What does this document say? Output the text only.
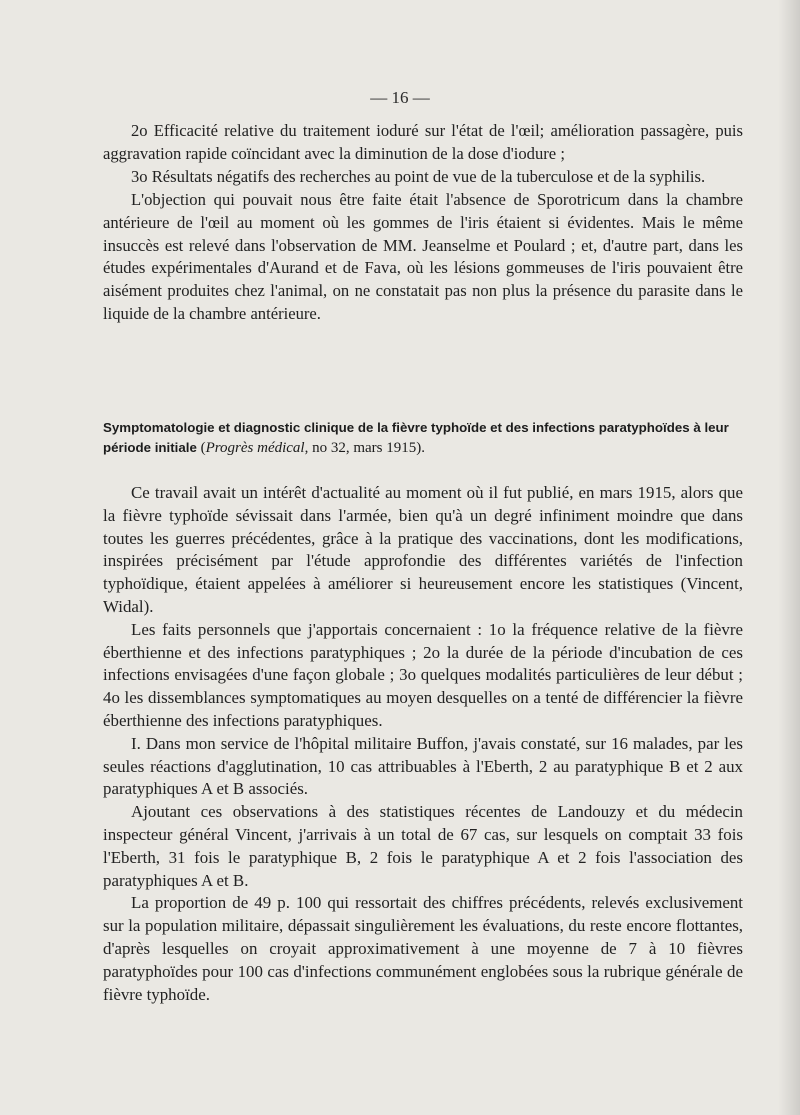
— 16 —

2o Efficacité relative du traitement ioduré sur l'état de l'œil; amélioration passagère, puis aggravation rapide coïncidant avec la diminution de la dose d'iodure ;

3o Résultats négatifs des recherches au point de vue de la tuberculose et de la syphilis.

L'objection qui pouvait nous être faite était l'absence de Sporotricum dans la chambre antérieure de l'œil au moment où les gommes de l'iris étaient si évidentes. Mais le même insuccès est relevé dans l'observation de MM. Jeanselme et Poulard ; et, d'autre part, dans les études expérimentales d'Aurand et de Fava, où les lésions gommeuses de l'iris pouvaient être aisément produites chez l'animal, on ne constatait pas non plus la présence du parasite dans le liquide de la chambre antérieure.

Symptomatologie et diagnostic clinique de la fièvre typhoïde et des infections paratyphoïdes à leur période initiale (Progrès médical, no 32, mars 1915).

Ce travail avait un intérêt d'actualité au moment où il fut publié, en mars 1915, alors que la fièvre typhoïde sévissait dans l'armée, bien qu'à un degré infiniment moindre que dans toutes les guerres précédentes, grâce à la pratique des vaccinations, dont les modifications, inspirées précisément par l'étude approfondie des différentes variétés de l'infection typhoïdique, étaient appelées à améliorer si heureusement encore les statistiques (Vincent, Widal).

Les faits personnels que j'apportais concernaient : 1o la fréquence relative de la fièvre éberthienne et des infections paratyphiques ; 2o la durée de la période d'incubation de ces infections envisagées d'une façon globale ; 3o quelques modalités particulières de leur début ; 4o les dissemblances symptomatiques au moyen desquelles on a tenté de différencier la fièvre éberthienne des infections paratyphiques.

I. Dans mon service de l'hôpital militaire Buffon, j'avais constaté, sur 16 malades, par les seules réactions d'agglutination, 10 cas attribuables à l'Eberth, 2 au paratyphique B et 2 aux paratyphiques A et B associés.

Ajoutant ces observations à des statistiques récentes de Landouzy et du médecin inspecteur général Vincent, j'arrivais à un total de 67 cas, sur lesquels on comptait 33 fois l'Eberth, 31 fois le paratyphique B, 2 fois le paratyphique A et 2 fois l'association des paratyphiques A et B.

La proportion de 49 p. 100 qui ressortait des chiffres précédents, relevés exclusivement sur la population militaire, dépassait singulièrement les évaluations, du reste encore flottantes, d'après lesquelles on croyait approximativement à une moyenne de 7 à 10 fièvres paratyphoïdes pour 100 cas d'infections communément englobées sous la rubrique générale de fièvre typhoïde.
